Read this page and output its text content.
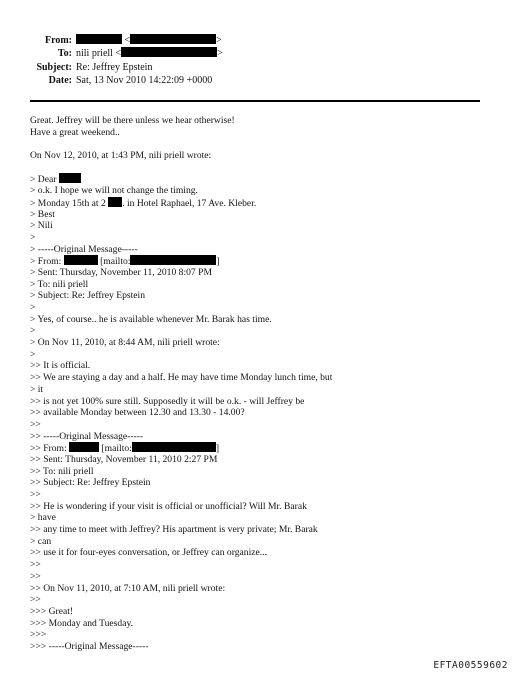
From:	<	>
To: nili priell <	>
Subject: Re: Jeffrey Epstein
Date: Sat, 13 Nov 2010 14:22:09 +0000
Great. Jeffrey will be there unless we hear otherwise!
Have a great weekend..
On Nov 12, 2010, at 1:43 PM, nili priell wrote:
> Dear
> o.k. I hope we will not change the timing.
> Monday 15th at 2 . in Hotel Raphael, 17 Ave. Kleber.
> Best
> Nili
>
> -----Original Message-----
> From:	[mailto:	]
> Sent: Thursday, November 11, 2010 8:07 PM
> To: nili priell
> Subject: Re: Jeffrey Epstein
>
> Yes, of course.. he is available whenever Mr. Barak has time.
>
> On Nov 11, 2010, at 8:44 AM, nili priell wrote:
>
>> It is official.
>> We are staying a day and a half. He may have time Monday lunch time, but
> it
>> is not yet 100% sure still. Supposedly it will be o.k. - will Jeffrey be
>> available Monday between 12.30 and 13.30 - 14.00?
>>
>> -----Original Message-----
>> From:	[mailto:	]
>> Sent: Thursday, November 11, 2010 2:27 PM
>> To: nili priell
>> Subject: Re: Jeffrey Epstein
>>
>> He is wondering if your visit is official or unofficial? Will Mr. Barak
> have
>> any time to meet with Jeffrey? His apartment is very private; Mr. Barak
> can
>> use it for four-eyes conversation, or Jeffrey can organize...
>>
>>
>> On Nov 11, 2010, at 7:10 AM, nili priell wrote:
>>
>>> Great!
>>> Monday and Tuesday.
>>>
>>> -----Original Message-----
EFTA00559602
